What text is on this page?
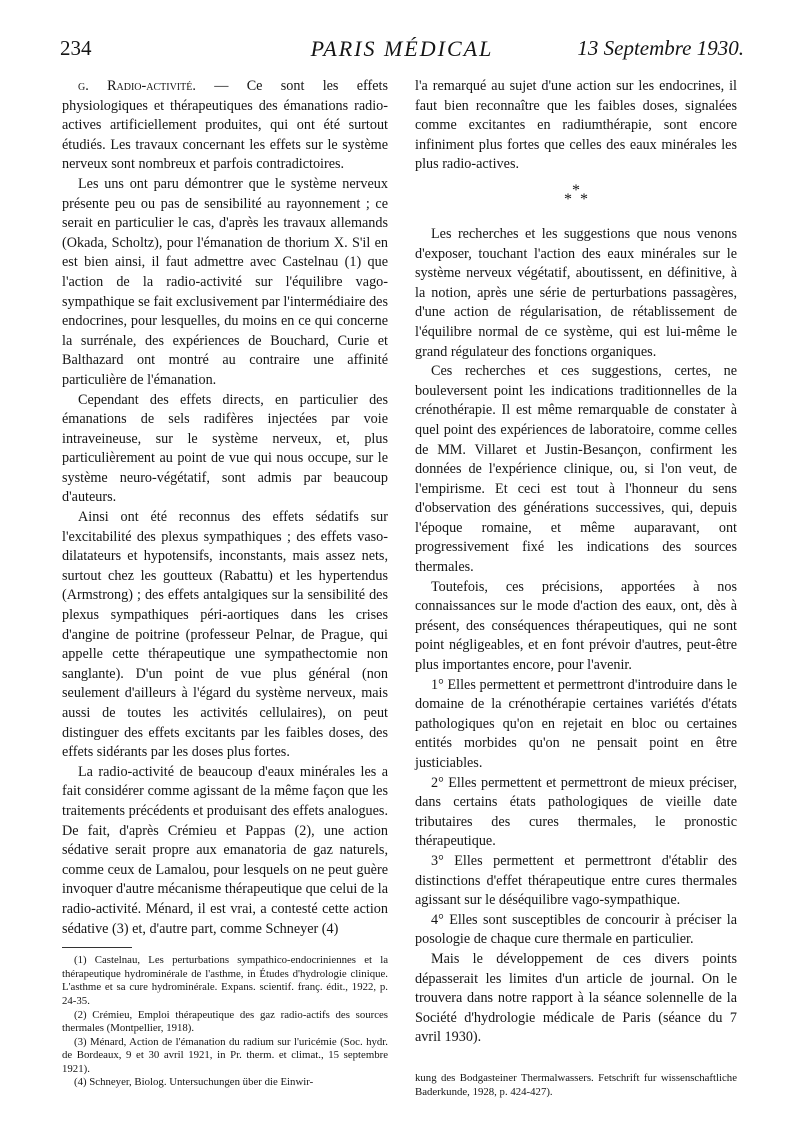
234	PARIS MÉDICAL	13 Septembre 1930.

g. Radio-activité. — Ce sont les effets physiologiques et thérapeutiques des émanations radio-actives artificiellement produites, qui ont été surtout étudiés. Les travaux concernant les effets sur le système nerveux sont nombreux et parfois contradictoires.

Les uns ont paru démontrer que le système nerveux présente peu ou pas de sensibilité au rayonnement ; ce serait en particulier le cas, d'après les travaux allemands (Okada, Scholtz), pour l'émanation de thorium X. S'il en est bien ainsi, il faut admettre avec Castelnau (1) que l'action de la radio-activité sur l'équilibre vago-sympathique se fait exclusivement par l'intermédiaire des endocrines, pour lesquelles, du moins en ce qui concerne la surrénale, des expériences de Bouchard, Curie et Balthazard ont montré au contraire une affinité particulière de l'émanation.

Cependant des effets directs, en particulier des émanations de sels radifères injectées par voie intraveineuse, sur le système nerveux, et, plus particulièrement au point de vue qui nous occupe, sur le système neuro-végétatif, sont admis par beaucoup d'auteurs.

Ainsi ont été reconnus des effets sédatifs sur l'excitabilité des plexus sympathiques ; des effets vaso-dilatateurs et hypotensifs, inconstants, mais assez nets, surtout chez les goutteux (Rabattu) et les hypertendus (Armstrong) ; des effets antalgiques sur la sensibilité des plexus sympathiques péri-aortiques dans les crises d'angine de poitrine (professeur Pelnar, de Prague, qui appelle cette thérapeutique une sympathectomie non sanglante). D'un point de vue plus général (non seulement d'ailleurs à l'égard du système nerveux, mais aussi de toutes les activités cellulaires), on peut distinguer des effets excitants par les faibles doses, des effets sidérants par les doses plus fortes.

La radio-activité de beaucoup d'eaux minérales les a fait considérer comme agissant de la même façon que les traitements précédents et produisant des effets analogues. De fait, d'après Crémieu et Pappas (2), une action sédative serait propre aux emanatoria de gaz naturels, comme ceux de Lamalou, pour lesquels on ne peut guère invoquer d'autre mécanisme thérapeutique que celui de la radio-activité. Ménard, il est vrai, a contesté cette action sédative (3) et, d'autre part, comme Schneyer (4)

(1) Castelnau, Les perturbations sympathico-endocriniennes et la thérapeutique hydrominérale de l'asthme, in Études d'hydrologie clinique. L'asthme et sa cure hydrominérale. Expans. scientif. franç. édit., 1922, p. 24-35.

(2) Crémieu, Emploi thérapeutique des gaz radio-actifs des sources thermales (Montpellier, 1918).

(3) Ménard, Action de l'émanation du radium sur l'uricémie (Soc. hydr. de Bordeaux, 9 et 30 avril 1921, in Pr. therm. et climat., 15 septembre 1921).

(4) Schneyer, Biolog. Untersuchungen über die Einwir-

l'a remarqué au sujet d'une action sur les endocrines, il faut bien reconnaître que les faibles doses, signalées comme excitantes en radiumthérapie, sont encore infiniment plus fortes que celles des eaux minérales les plus radio-actives.

*
* *

Les recherches et les suggestions que nous venons d'exposer, touchant l'action des eaux minérales sur le système nerveux végétatif, aboutissent, en définitive, à la notion, après une série de perturbations passagères, d'une action de régularisation, de rétablissement de l'équilibre normal de ce système, qui est lui-même le grand régulateur des fonctions organiques.

Ces recherches et ces suggestions, certes, ne bouleversent point les indications traditionnelles de la crénothérapie. Il est même remarquable de constater à quel point des expériences de laboratoire, comme celles de MM. Villaret et Justin-Besançon, confirment les données de l'expérience clinique, ou, si l'on veut, de l'empirisme. Et ceci est tout à l'honneur du sens d'observation des générations successives, qui, depuis l'époque romaine, et même auparavant, ont progressivement fixé les indications des sources thermales.

Toutefois, ces précisions, apportées à nos connaissances sur le mode d'action des eaux, ont, dès à présent, des conséquences thérapeutiques, qui ne sont point négligeables, et en font prévoir d'autres, peut-être plus importantes encore, pour l'avenir.

1° Elles permettent et permettront d'introduire dans le domaine de la crénothérapie certaines variétés d'états pathologiques qu'on en rejetait en bloc ou certaines entités morbides qu'on ne pensait point en être justiciables.

2° Elles permettent et permettront de mieux préciser, dans certains états pathologiques de vieille date tributaires des cures thermales, le pronostic thérapeutique.

3° Elles permettent et permettront d'établir des distinctions d'effet thérapeutique entre cures thermales agissant sur le déséquilibre vago-sympathique.

4° Elles sont susceptibles de concourir à préciser la posologie de chaque cure thermale en particulier.

Mais le développement de ces divers points dépasserait les limites d'un article de journal. On le trouvera dans notre rapport à la séance solennelle de la Société d'hydrologie médicale de Paris (séance du 7 avril 1930).

kung des Bodgasteiner Thermalwassers. Fetschrift fur wissenschaftliche Baderkunde, 1928, p. 424-427).
